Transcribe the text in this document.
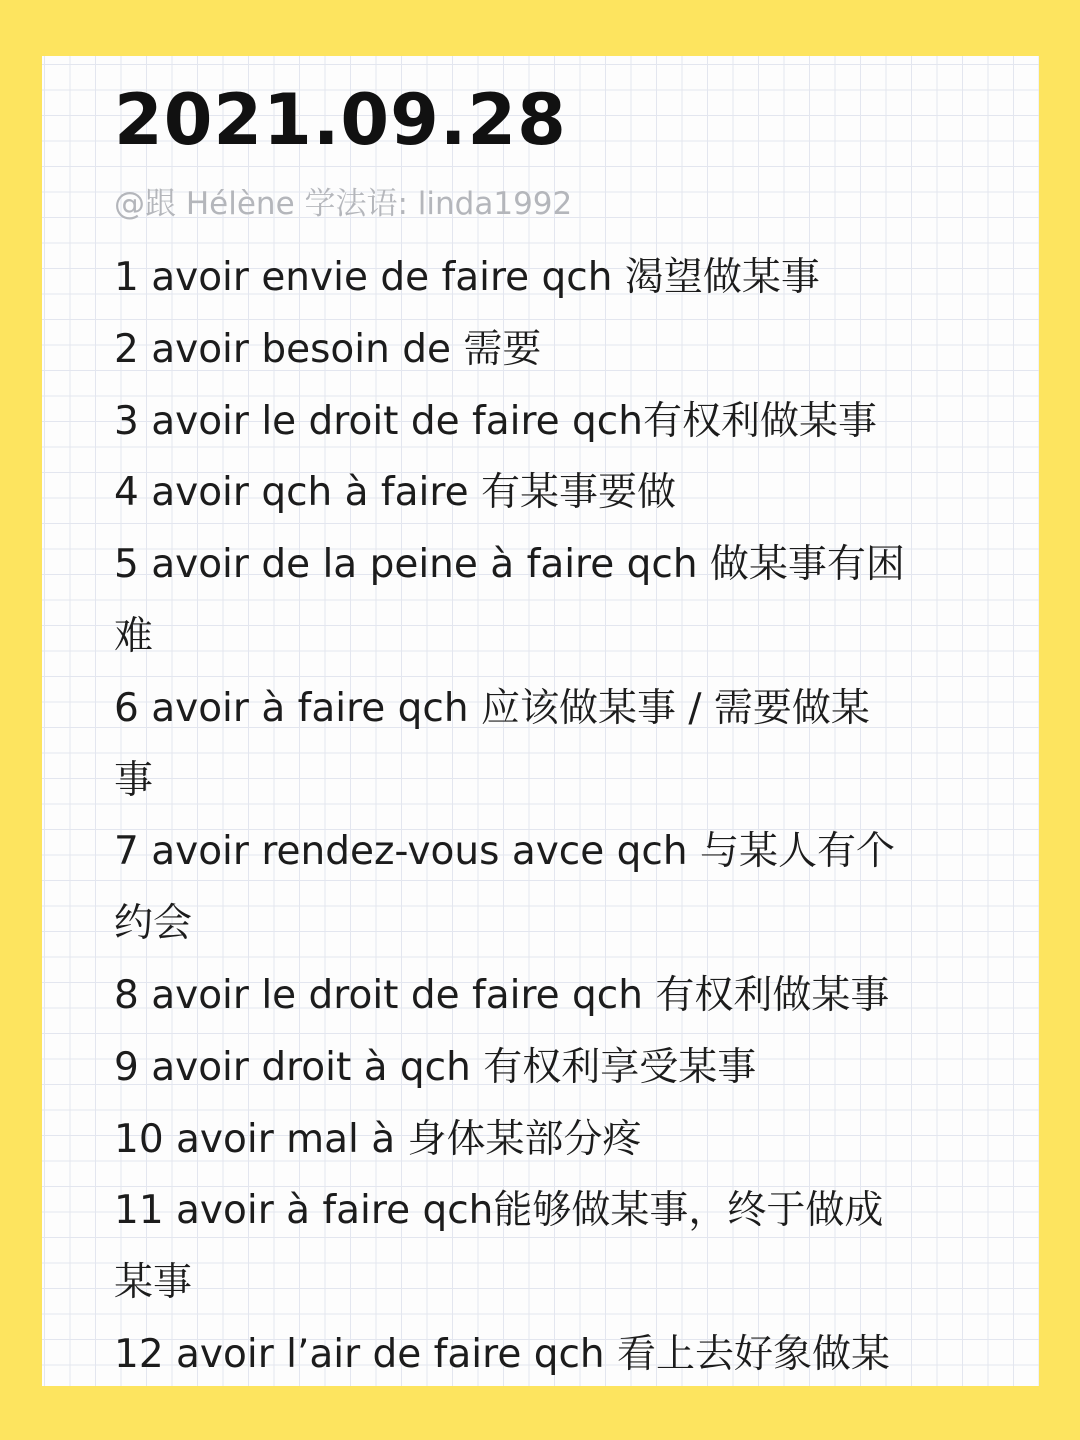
2021.09.28
@跟 Hélène 学法语: linda1992
1 avoir envie de faire qch 渴望做某事
2 avoir besoin de 需要
3 avoir le droit de faire qch有权利做某事
4 avoir qch à faire 有某事要做
5 avoir de la peine à faire qch 做某事有困
难
6 avoir à faire qch 应该做某事 / 需要做某
事
7 avoir rendez-vous avce qch 与某人有个
约会
8 avoir le droit de faire qch 有权利做某事
9 avoir droit à qch 有权利享受某事
10 avoir mal à 身体某部分疼
11 avoir à faire qch能够做某事，终于做成
某事
12 avoir l’air de faire qch 看上去好象做某
